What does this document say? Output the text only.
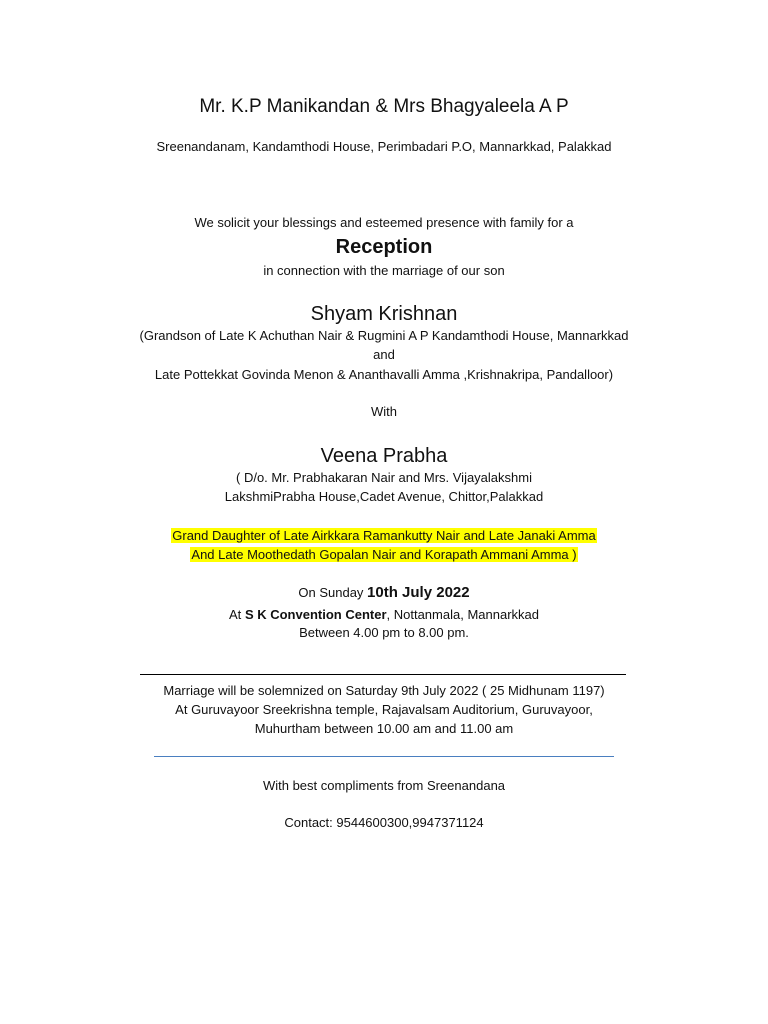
Mr. K.P Manikandan & Mrs Bhagyaleela A P
Sreenandanam, Kandamthodi House, Perimbadari P.O, Mannarkkad, Palakkad
We solicit your blessings and esteemed presence with family for a
Reception
in connection with the marriage of our son
Shyam Krishnan
(Grandson of Late K Achuthan Nair & Rugmini A P Kandamthodi House, Mannarkkad
and
Late Pottekkat Govinda Menon & Ananthavalli Amma ,Krishnakripa, Pandalloor)
With
Veena Prabha
( D/o. Mr. Prabhakaran Nair and Mrs. Vijayalakshmi
LakshmiPrabha House,Cadet Avenue, Chittor,Palakkad
Grand Daughter of Late Airkkara Ramankutty Nair and Late Janaki Amma
And Late Moothedath Gopalan Nair and Korapath Ammani Amma )
On Sunday 10th July 2022
At S K Convention Center, Nottanmala, Mannarkkad
Between 4.00 pm to 8.00 pm.
Marriage will be solemnized on Saturday 9th July 2022 ( 25 Midhunam 1197)
At Guruvayoor Sreekrishna temple, Rajavalsam Auditorium, Guruvayoor,
Muhurtham between 10.00 am and 11.00 am
With best compliments from Sreenandana
Contact: 9544600300,9947371124
